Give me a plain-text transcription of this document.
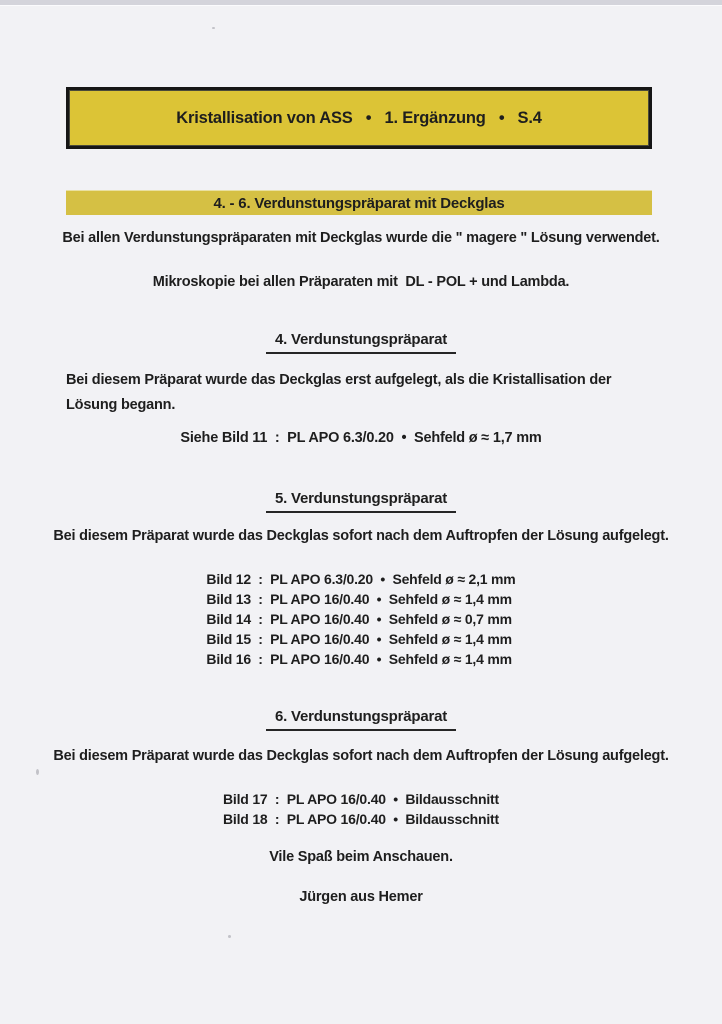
Kristallisation von ASS   •   1. Ergänzung   •   S.4
4. - 6. Verdunstungspräparat mit Deckglas
Bei allen Verdunstungspräparaten mit Deckglas wurde die " magere " Lösung verwendet.
Mikroskopie bei allen Präparaten mit  DL - POL + und Lambda.
4. Verdunstungspräparat
Bei diesem Präparat wurde das Deckglas erst aufgelegt, als die Kristallisation der Lösung begann.
Siehe Bild 11  :  PL APO 6.3/0.20  •  Sehfeld ø ≈ 1,7 mm
5. Verdunstungspräparat
Bei diesem Präparat wurde das Deckglas sofort nach dem Auftropfen der Lösung aufgelegt.
Bild 12  :  PL APO 6.3/0.20  •  Sehfeld ø ≈ 2,1 mm
Bild 13  :  PL APO 16/0.40  •  Sehfeld ø ≈ 1,4 mm
Bild 14  :  PL APO 16/0.40  •  Sehfeld ø ≈ 0,7 mm
Bild 15  :  PL APO 16/0.40  •  Sehfeld ø ≈ 1,4 mm
Bild 16  :  PL APO 16/0.40  •  Sehfeld ø ≈ 1,4 mm
6. Verdunstungspräparat
Bei diesem Präparat wurde das Deckglas sofort nach dem Auftropfen der Lösung aufgelegt.
Bild 17  :  PL APO 16/0.40  •  Bildausschnitt
Bild 18  :  PL APO 16/0.40  •  Bildausschnitt
Vile Spaß beim Anschauen.
Jürgen aus Hemer
